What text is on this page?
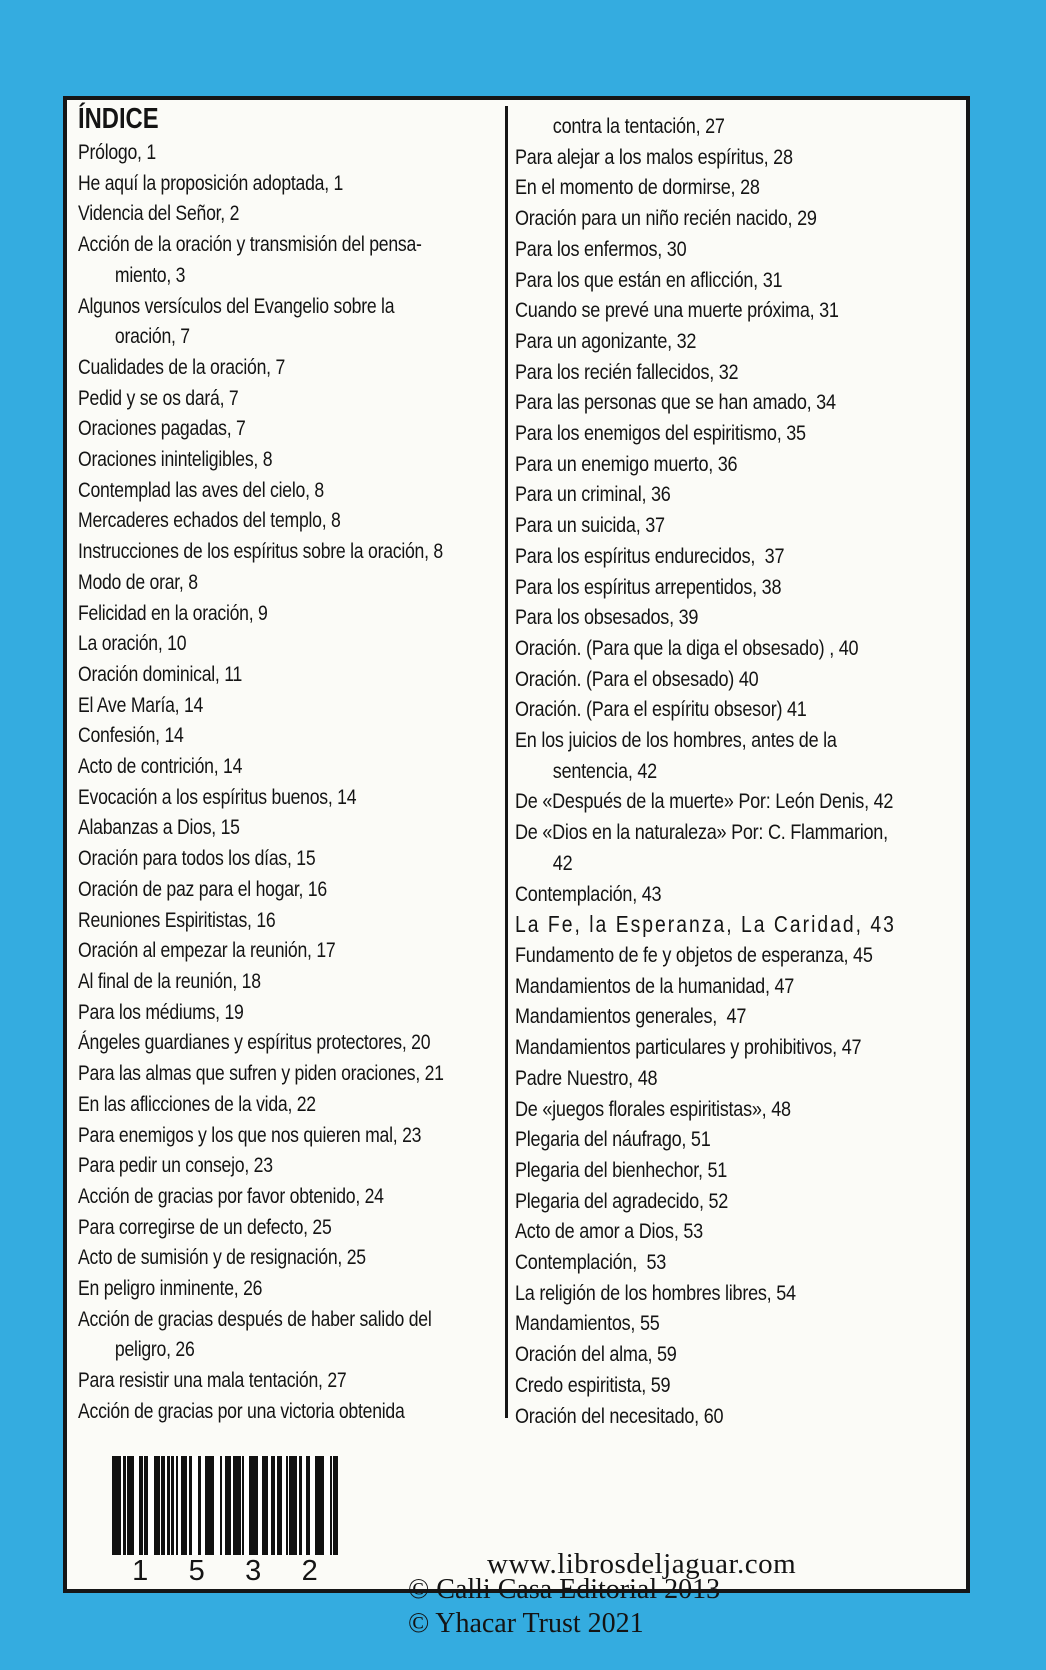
ÍNDICE
Prólogo, 1
He aquí la proposición adoptada, 1
Videncia del Señor, 2
Acción de la oración y transmisión del pensa-
miento, 3
Algunos versículos del Evangelio sobre la
oración, 7
Cualidades de la oración, 7
Pedid y se os dará, 7
Oraciones pagadas, 7
Oraciones ininteligibles, 8
Contemplad las aves del cielo, 8
Mercaderes echados del templo, 8
Instrucciones de los espíritus sobre la oración, 8
Modo de orar, 8
Felicidad en la oración, 9
La oración, 10
Oración dominical, 11
El Ave María, 14
Confesión, 14
Acto de contrición, 14
Evocación a los espíritus buenos, 14
Alabanzas a Dios, 15
Oración para todos los días, 15
Oración de paz para el hogar, 16
Reuniones Espiritistas, 16
Oración al empezar la reunión, 17
Al final de la reunión, 18
Para los médiums, 19
Ángeles guardianes y espíritus protectores, 20
Para las almas que sufren y piden oraciones, 21
En las aflicciones de la vida, 22
Para enemigos y los que nos quieren mal, 23
Para pedir un consejo, 23
Acción de gracias por favor obtenido, 24
Para corregirse de un defecto, 25
Acto de sumisión y de resignación, 25
En peligro inminente, 26
Acción de gracias después de haber salido del
peligro, 26
Para resistir una mala tentación, 27
Acción de gracias por una victoria obtenida
contra la tentación, 27
Para alejar a los malos espíritus, 28
En el momento de dormirse, 28
Oración para un niño recién nacido, 29
Para los enfermos, 30
Para los que están en aflicción, 31
Cuando se prevé una muerte próxima, 31
Para un agonizante, 32
Para los recién fallecidos, 32
Para las personas que se han amado, 34
Para los enemigos del espiritismo, 35
Para un enemigo muerto, 36
Para un criminal, 36
Para un suicida, 37
Para los espíritus endurecidos,  37
Para los espíritus arrepentidos, 38
Para los obsesados, 39
Oración. (Para que la diga el obsesado) , 40
Oración. (Para el obsesado) 40
Oración. (Para el espíritu obsesor) 41
En los juicios de los hombres, antes de la
sentencia, 42
De «Después de la muerte» Por: León Denis, 42
De «Dios en la naturaleza» Por: C. Flammarion,
42
Contemplación, 43
La Fe, la Esperanza, La Caridad, 43
Fundamento de fe y objetos de esperanza, 45
Mandamientos de la humanidad, 47
Mandamientos generales,  47
Mandamientos particulares y prohibitivos, 47
Padre Nuestro, 48
De «juegos florales espiritistas», 48
Plegaria del náufrago, 51
Plegaria del bienhechor, 51
Plegaria del agradecido, 52
Acto de amor a Dios, 53
Contemplación,  53
La religión de los hombres libres, 54
Mandamientos, 55
Oración del alma, 59
Credo espiritista, 59
Oración del necesitado, 60
1 5 3 2

© Calli Casa Editorial 2013
© Yhacar Trust 2021
www.librosdeljaguar.com
